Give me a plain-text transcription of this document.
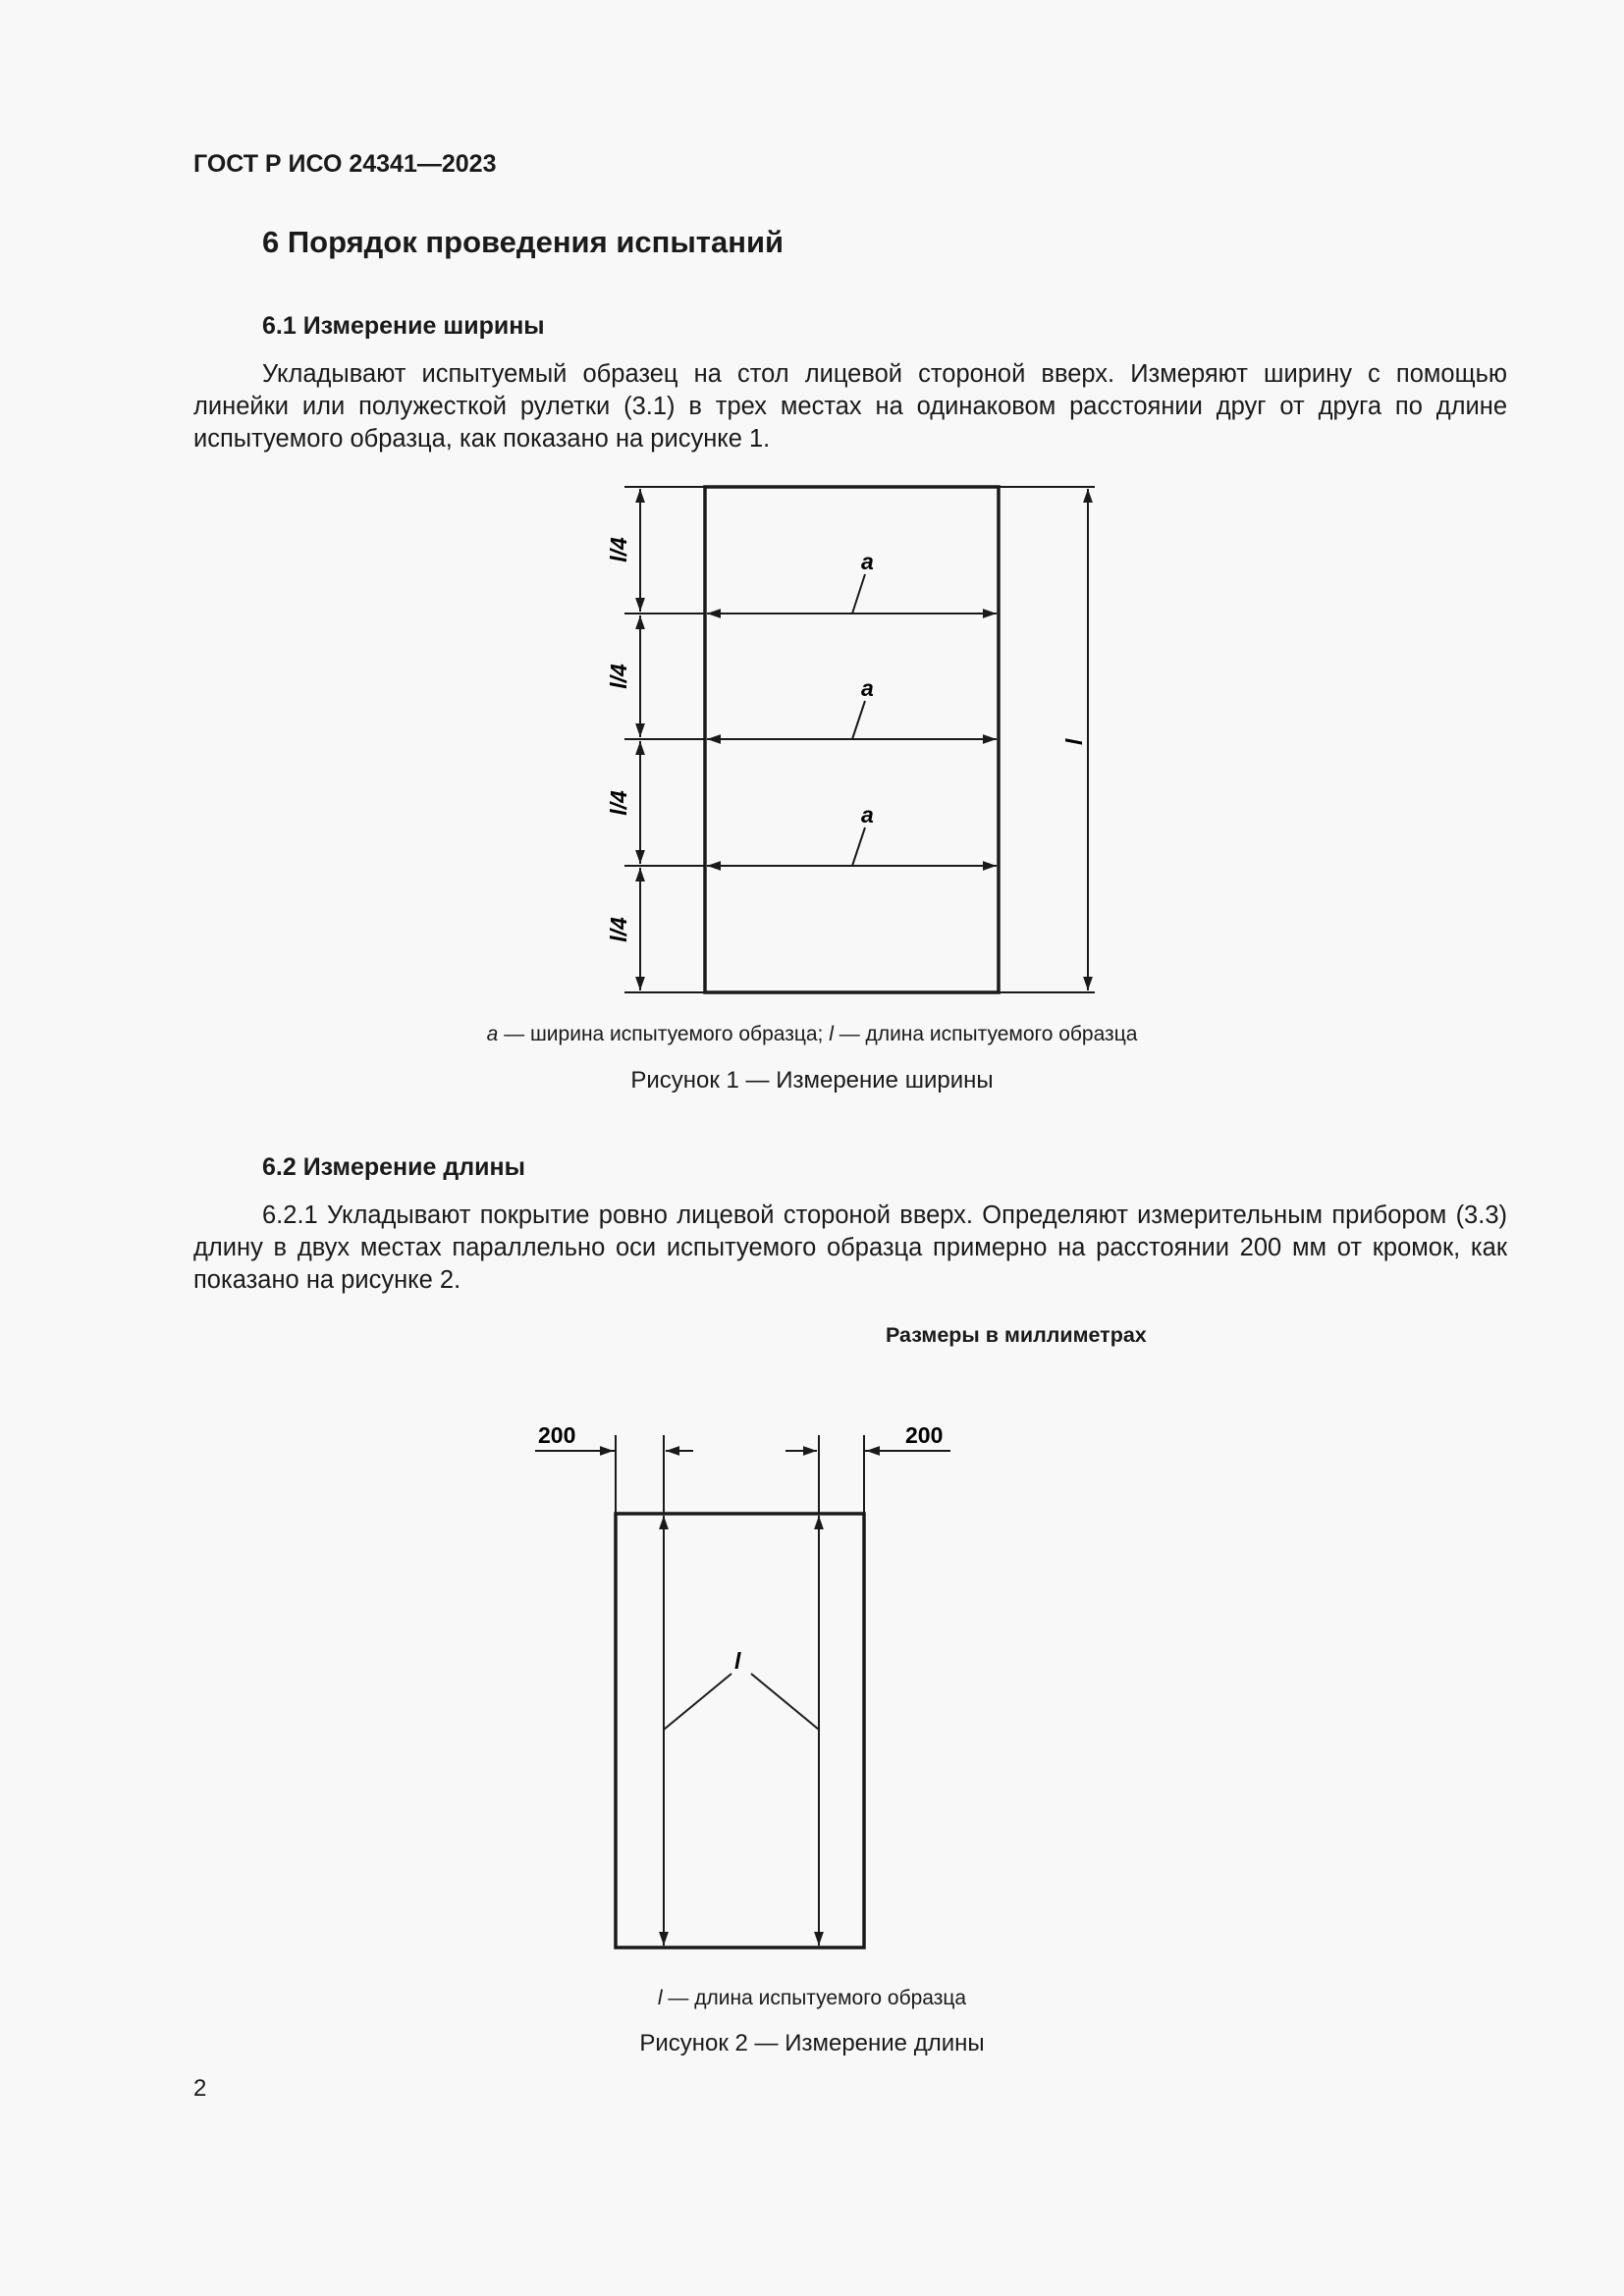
ГОСТ Р ИСО 24341—2023
6 Порядок проведения испытаний
6.1 Измерение ширины
Укладывают испытуемый образец на стол лицевой стороной вверх. Измеряют ширину с помощью линейки или полужесткой рулетки (3.1) в трех местах на одинаковом расстоянии друг от друга по длине испытуемого образца, как показано на рисунке 1.
a
a
a
l/4
l/4
l/4
l/4
l
a — ширина испытуемого образца; l — длина испытуемого образца
Рисунок 1 — Измерение ширины
6.2 Измерение длины
6.2.1 Укладывают покрытие ровно лицевой стороной вверх. Определяют измерительным прибором (3.3) длину в двух местах параллельно оси испытуемого образца примерно на расстоянии 200 мм от кромок, как показано на рисунке 2.
Размеры в миллиметрах
200	200
l
l — длина испытуемого образца
Рисунок 2 — Измерение длины
2
